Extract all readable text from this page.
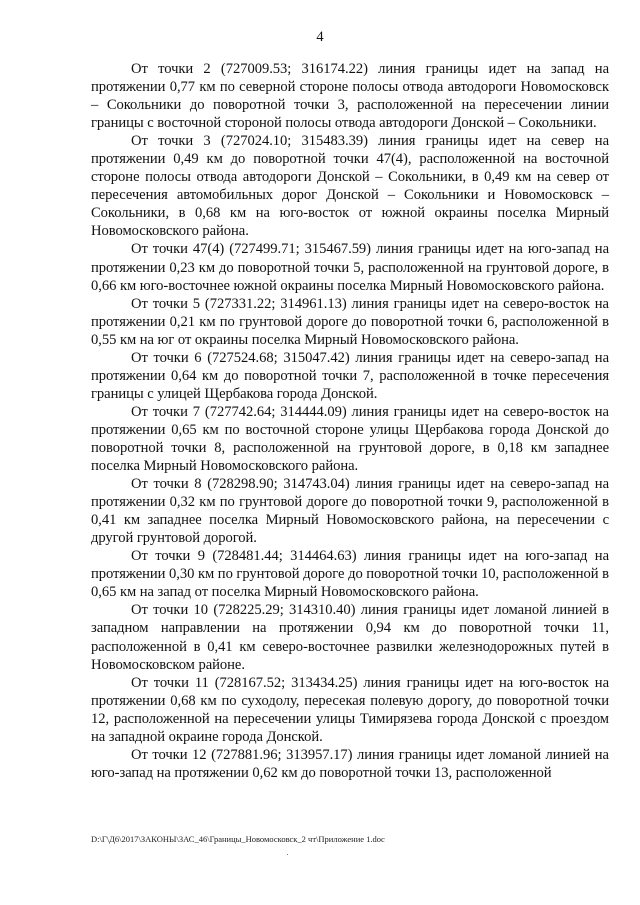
4

От точки 2 (727009.53; 316174.22) линия границы идет на запад на протяжении 0,77 км по северной стороне полосы отвода автодороги Новомосковск – Сокольники до поворотной точки 3, расположенной на пересечении линии границы с восточной стороной полосы отвода автодороги Донской – Сокольники.

От точки 3 (727024.10; 315483.39) линия границы идет на север на протяжении 0,49 км до поворотной точки 47(4), расположенной на восточной стороне полосы отвода автодороги Донской – Сокольники, в 0,49 км на север от пересечения автомобильных дорог Донской – Сокольники и Новомосковск – Сокольники, в 0,68 км на юго-восток от южной окраины поселка Мирный Новомосковского района.

От точки 47(4) (727499.71; 315467.59) линия границы идет на юго-запад на протяжении 0,23 км до поворотной точки 5, расположенной на грунтовой дороге, в 0,66 км юго-восточнее южной окраины поселка Мирный Новомосковского района.

От точки 5 (727331.22; 314961.13) линия границы идет на северо-восток на протяжении 0,21 км по грунтовой дороге до поворотной точки 6, расположенной в 0,55 км на юг от окраины поселка Мирный Новомосковского района.

От точки 6 (727524.68; 315047.42) линия границы идет на северо-запад на протяжении 0,64 км до поворотной точки 7, расположенной в точке пересечения границы с улицей Щербакова города Донской.

От точки 7 (727742.64; 314444.09) линия границы идет на северо-восток на протяжении 0,65 км по восточной стороне улицы Щербакова города Донской до поворотной точки 8, расположенной на грунтовой дороге, в 0,18 км западнее поселка Мирный Новомосковского района.

От точки 8 (728298.90; 314743.04) линия границы идет на северо-запад на протяжении 0,32 км по грунтовой дороге до поворотной точки 9, расположенной в 0,41 км западнее поселка Мирный Новомосковского района, на пересечении с другой грунтовой дорогой.

От точки 9 (728481.44; 314464.63) линия границы идет на юго-запад на протяжении 0,30 км по грунтовой дороге до поворотной точки 10, расположенной в 0,65 км на запад от поселка Мирный Новомосковского района.

От точки 10 (728225.29; 314310.40) линия границы идет ломаной линией в западном направлении на протяжении 0,94 км до поворотной точки 11, расположенной в 0,41 км северо-восточнее развилки железнодорожных путей в Новомосковском районе.

От точки 11 (728167.52; 313434.25) линия границы идет на юго-восток на протяжении 0,68 км по суходолу, пересекая полевую дорогу, до поворотной точки 12, расположенной на пересечении улицы Тимирязева города Донской с проездом на западной окраине города Донской.

От точки 12 (727881.96; 313957.17) линия границы идет ломаной линией на юго-запад на протяжении 0,62 км до поворотной точки 13, расположенной

D:\Г\Д6\2017\ЗАКОНЫ\ЗАС_46\Границы_Новомосковск_2 чт\Приложение 1.doc
